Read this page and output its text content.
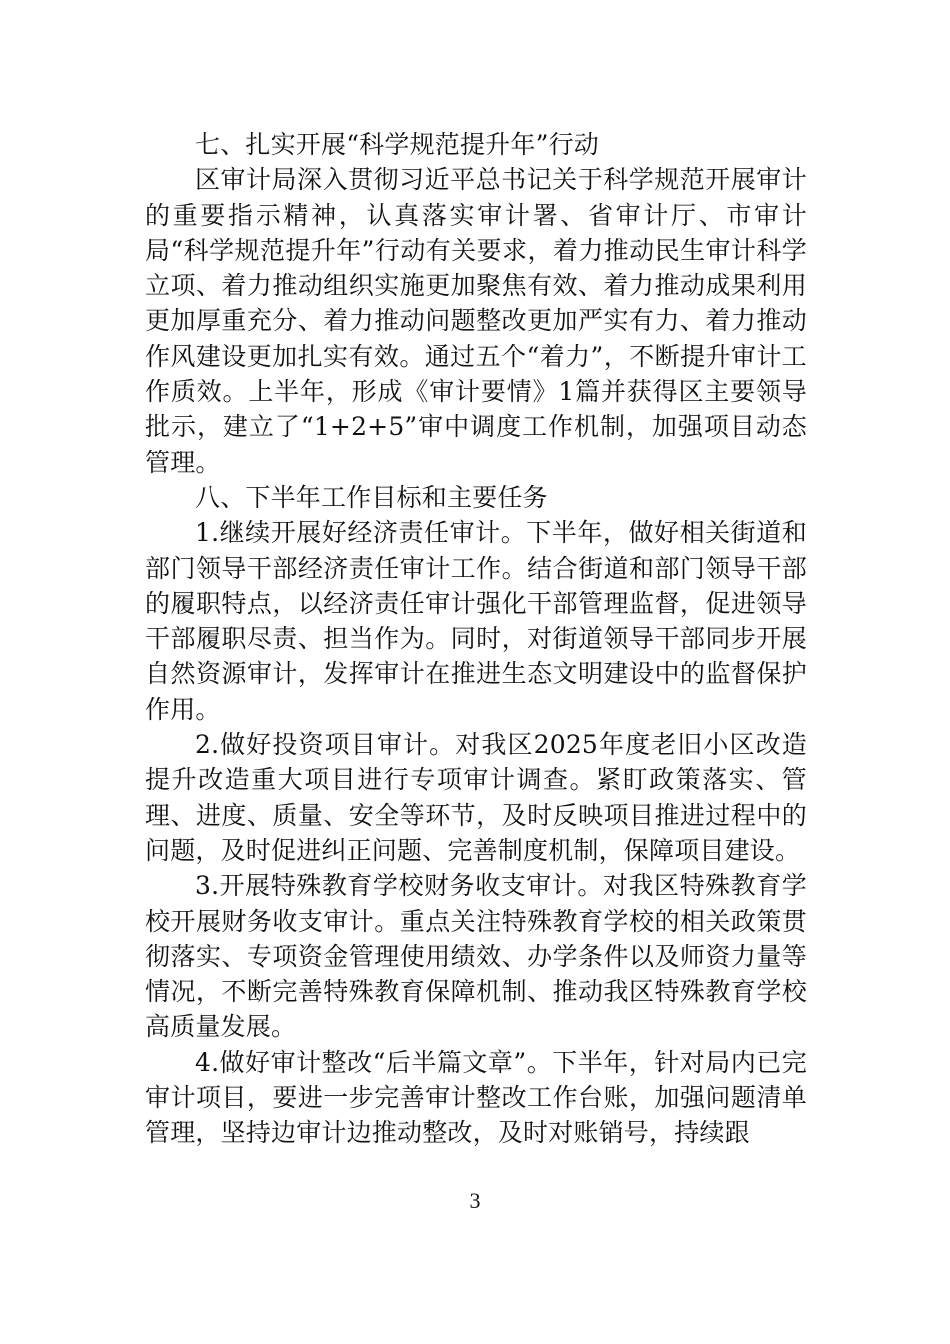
七、扎实开展“科学规范提升年”行动

区审计局深入贯彻习近平总书记关于科学规范开展审计的重要指示精神，认真落实审计署、省审计厅、市审计局“科学规范提升年”行动有关要求，着力推动民生审计科学立项、着力推动组织实施更加聚焦有效、着力推动成果利用更加厚重充分、着力推动问题整改更加严实有力、着力推动作风建设更加扎实有效。通过五个“着力”，不断提升审计工作质效。上半年，形成《审计要情》1篇并获得区主要领导批示，建立了“1+2+5”审中调度工作机制，加强项目动态管理。

八、下半年工作目标和主要任务

1.继续开展好经济责任审计。下半年，做好相关街道和部门领导干部经济责任审计工作。结合街道和部门领导干部的履职特点，以经济责任审计强化干部管理监督，促进领导干部履职尽责、担当作为。同时，对街道领导干部同步开展自然资源审计，发挥审计在推进生态文明建设中的监督保护作用。

2.做好投资项目审计。对我区2025年度老旧小区改造提升改造重大项目进行专项审计调查。紧盯政策落实、管理、进度、质量、安全等环节，及时反映项目推进过程中的问题，及时促进纠正问题、完善制度机制，保障项目建设。

3.开展特殊教育学校财务收支审计。对我区特殊教育学校开展财务收支审计。重点关注特殊教育学校的相关政策贯彻落实、专项资金管理使用绩效、办学条件以及师资力量等情况，不断完善特殊教育保障机制、推动我区特殊教育学校高质量发展。

4.做好审计整改“后半篇文章”。下半年，针对局内已完审计项目，要进一步完善审计整改工作台账，加强问题清单管理，坚持边审计边推动整改，及时对账销号，持续跟

3
